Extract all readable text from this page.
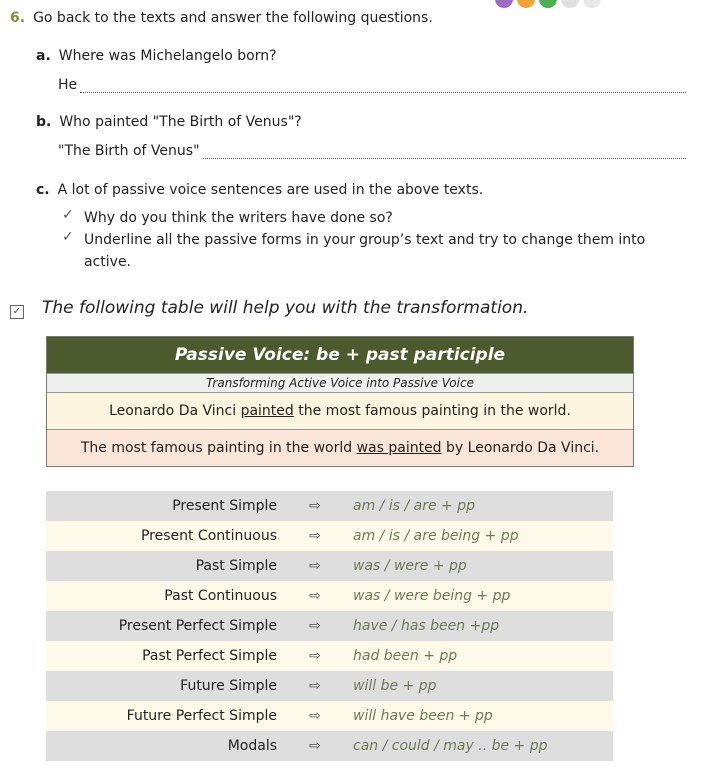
6. Go back to the texts and answer the following questions.
a. Where was Michelangelo born?
He
b. Who painted "The Birth of Venus"?
"The Birth of Venus"
c. A lot of passive voice sentences are used in the above texts.
✓ Why do you think the writers have done so?
✓ Underline all the passive forms in your group’s text and try to change them into active.
✓ The following table will help you with the transformation.
Passive Voice: be + past participle
Transforming Active Voice into Passive Voice
Leonardo Da Vinci painted the most famous painting in the world.
The most famous painting in the world was painted by Leonardo Da Vinci.
Present Simple	⇨	am / is / are + pp
Present Continuous	⇨	am / is / are being + pp
Past Simple	⇨	was / were + pp
Past Continuous	⇨	was / were being + pp
Present Perfect Simple	⇨	have / has been +pp
Past Perfect Simple	⇨	had been + pp
Future Simple	⇨	will be + pp
Future Perfect Simple	⇨	will have been + pp
Modals	⇨	can / could / may .. be + pp
